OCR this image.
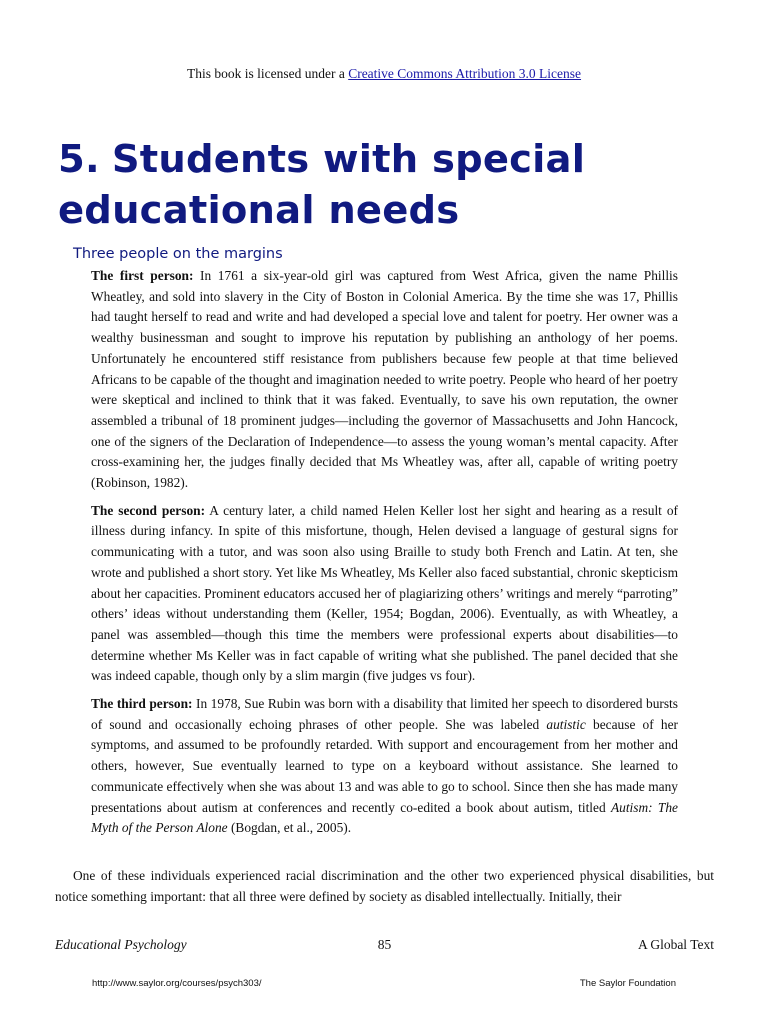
This book is licensed under a Creative Commons Attribution 3.0 License
5. Students with special
educational needs
Three people on the margins

The first person: In 1761 a six-year-old girl was captured from West Africa, given the name Phillis Wheatley, and sold into slavery in the City of Boston in Colonial America. By the time she was 17, Phillis had taught herself to read and write and had developed a special love and talent for poetry. Her owner was a wealthy businessman and sought to improve his reputation by publishing an anthology of her poems. Unfortunately he encountered stiff resistance from publishers because few people at that time believed Africans to be capable of the thought and imagination needed to write poetry. People who heard of her poetry were skeptical and inclined to think that it was faked. Eventually, to save his own reputation, the owner assembled a tribunal of 18 prominent judges—including the governor of Massachusetts and John Hancock, one of the signers of the Declaration of Independence—to assess the young woman’s mental capacity. After cross-examining her, the judges finally decided that Ms Wheatley was, after all, capable of writing poetry (Robinson, 1982).

The second person: A century later, a child named Helen Keller lost her sight and hearing as a result of illness during infancy. In spite of this misfortune, though, Helen devised a language of gestural signs for communicating with a tutor, and was soon also using Braille to study both French and Latin. At ten, she wrote and published a short story. Yet like Ms Wheatley, Ms Keller also faced substantial, chronic skepticism about her capacities. Prominent educators accused her of plagiarizing others’ writings and merely “parroting” others’ ideas without understanding them (Keller, 1954; Bogdan, 2006). Eventually, as with Wheatley, a panel was assembled—though this time the members were professional experts about disabilities—to determine whether Ms Keller was in fact capable of writing what she published. The panel decided that she was indeed capable, though only by a slim margin (five judges vs four).

The third person: In 1978, Sue Rubin was born with a disability that limited her speech to disordered bursts of sound and occasionally echoing phrases of other people. She was labeled autistic because of her symptoms, and assumed to be profoundly retarded. With support and encouragement from her mother and others, however, Sue eventually learned to type on a keyboard without assistance. She learned to communicate effectively when she was about 13 and was able to go to school. Since then she has made many presentations about autism at conferences and recently co-edited a book about autism, titled Autism: The Myth of the Person Alone (Bogdan, et al., 2005).

One of these individuals experienced racial discrimination and the other two experienced physical disabilities, but notice something important: that all three were defined by society as disabled intellectually. Initially, their

Educational Psychology	85	A Global Text
http://www.saylor.org/courses/psych303/	The Saylor Foundation
